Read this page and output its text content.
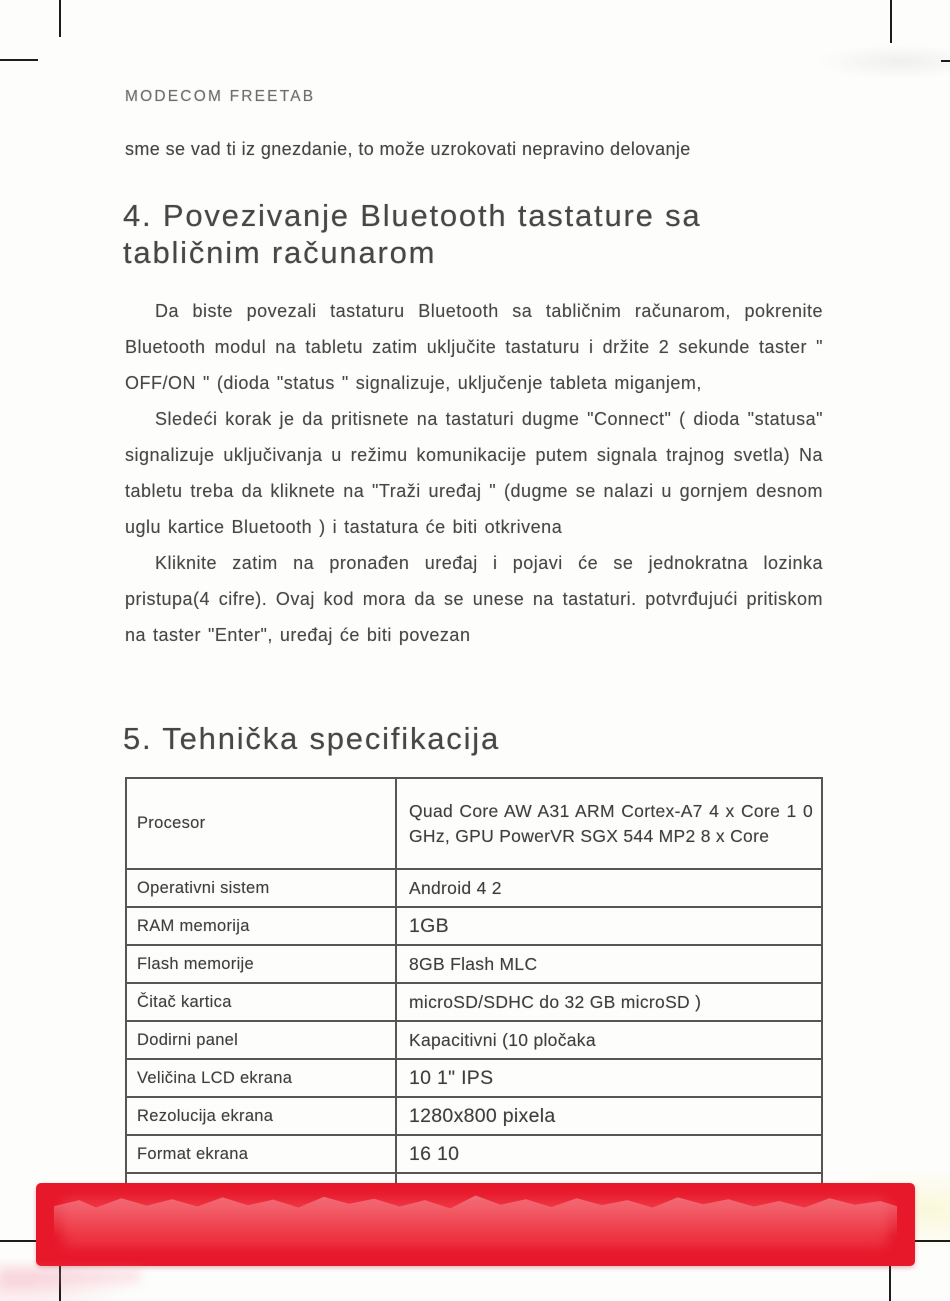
MODECOM FREETAB

sme se vad ti iz gnezdanie, to može uzrokovati nepravino delovanje

4. Povezivanje Bluetooth tastature sa tabličnim računarom

Da biste povezali tastaturu Bluetooth sa tabličnim računarom, pokrenite Bluetooth modul na tabletu zatim uključite tastaturu i držite 2 sekunde taster " OFF/ON " (dioda "status " signalizuje, uključenje tableta miganjem,

Sledeći korak je da pritisnete na tastaturi dugme "Connect" ( dioda "statusa" signalizuje uključivanja u režimu komunikacije putem signala trajnog svetla) Na tabletu treba da kliknete na "Traži uređaj " (dugme se nalazi u gornjem desnom uglu kartice Bluetooth ) i tastatura će biti otkrivena

Kliknite zatim na pronađen uređaj i pojavi će se jednokratna lozinka pristupa(4 cifre). Ovaj kod mora da se unese na tastaturi. potvrđujući pritiskom na taster "Enter", uređaj će biti povezan

5. Tehnička specifikacija
Procesor	Quad Core AW A31 ARM Cortex-A7 4 x Core 1 0 GHz, GPU PowerVR SGX 544 MP2 8 x Core
Operativni sistem	Android 4 2
RAM memorija	1GB
Flash memorije	8GB Flash MLC
Čitač kartica	microSD/SDHC do 32 GB microSD )
Dodirni panel	Kapacitivni (10 pločaka
Veličina LCD ekrana	10 1" IPS
Rezolucija ekrana	1280x800 pixela
Format ekrana	16 10
